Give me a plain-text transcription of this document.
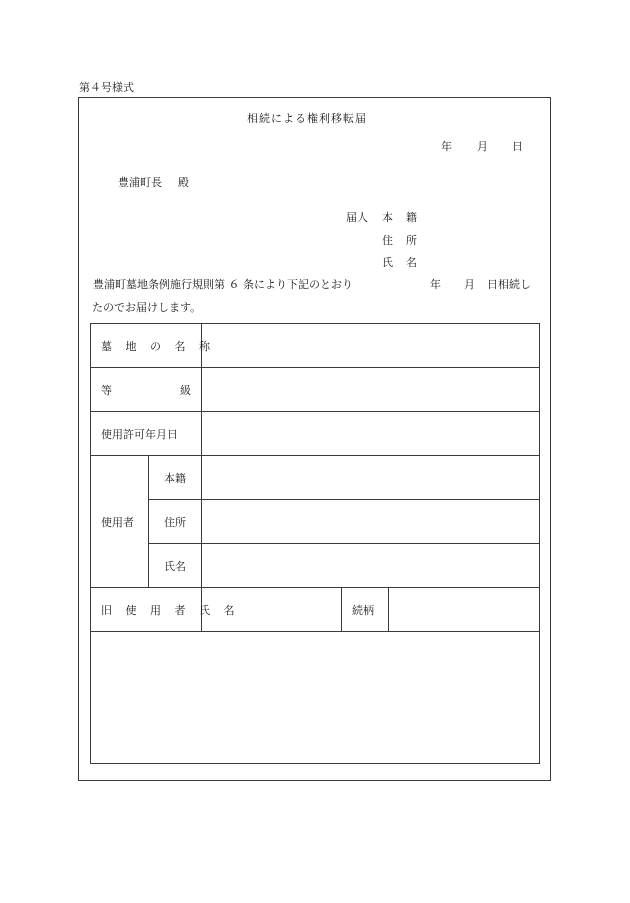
第４号様式
相続による権利移転届
年 月 日
豊浦町長 殿
届人 本 籍
住 所
氏 名
豊浦町墓地条例施行規則第 ６ 条により下記のとおり	年 月 日相続し
たのでお届けします。
墓 地 の 名 称				
等 級				

使用許可年月日				
使用者	本籍			
	住所			
	氏名			
旧 使 用 者 氏 名			続柄	
